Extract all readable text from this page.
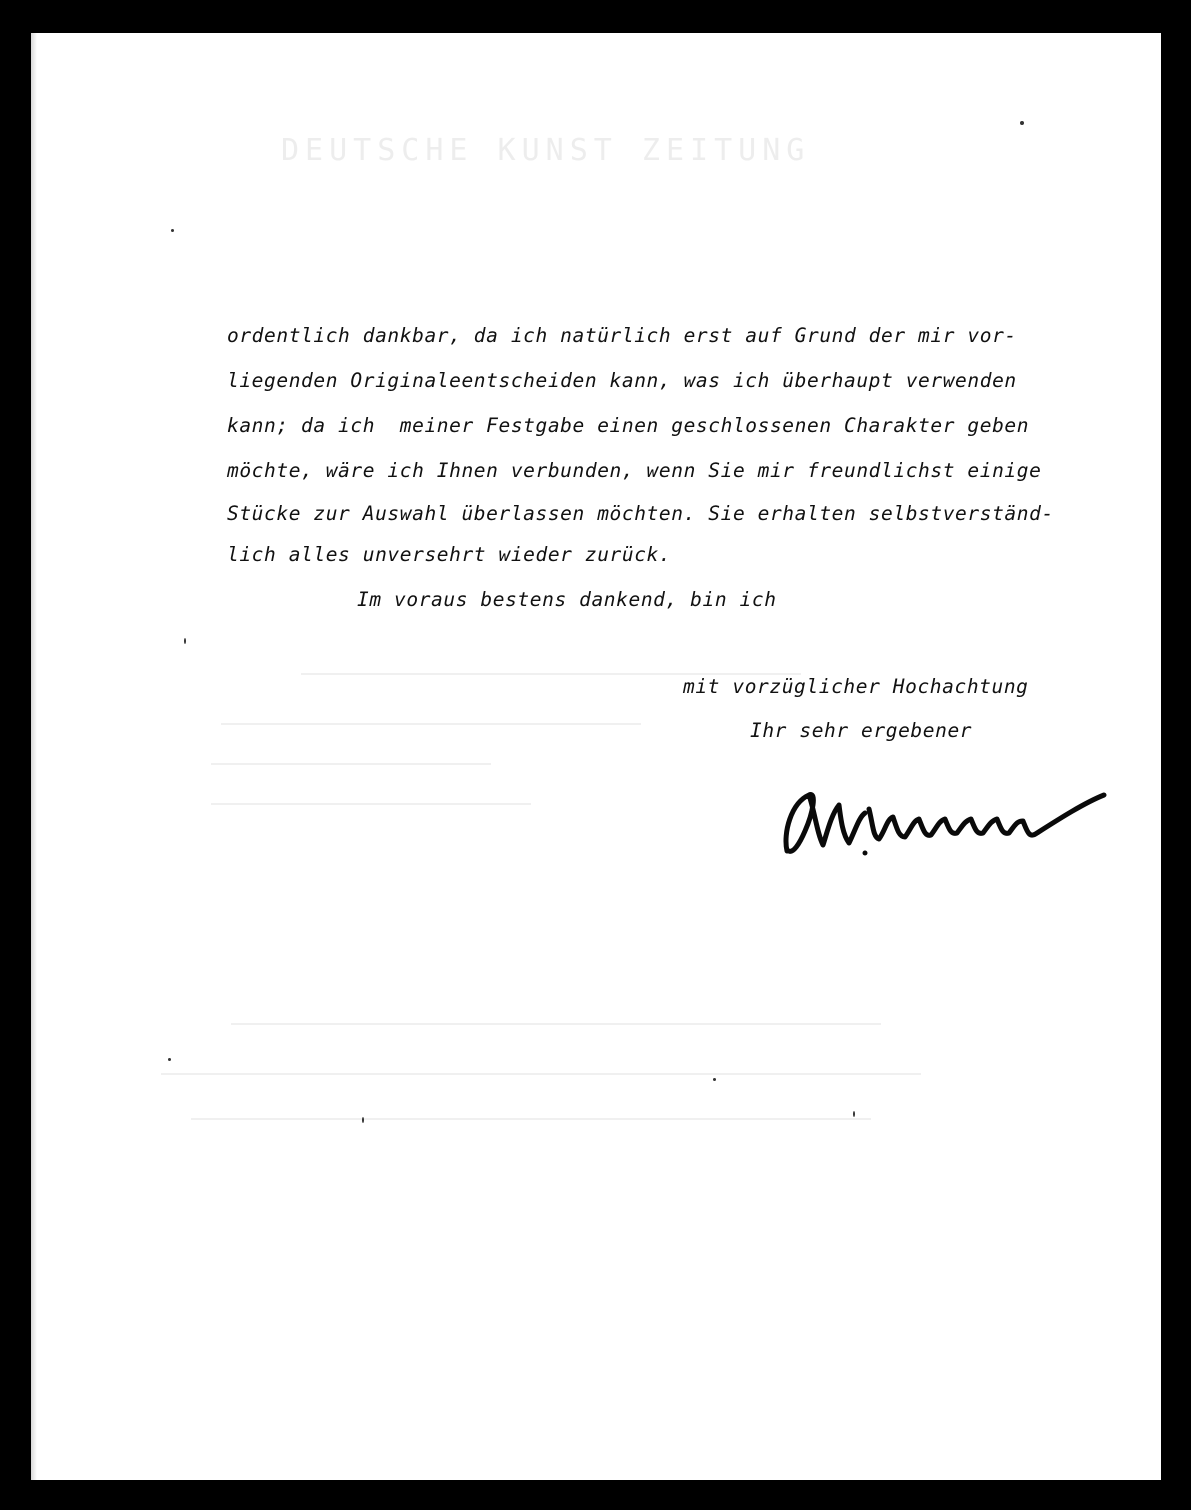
DEUTSCHE KUNST ZEITUNG
ordentlich dankbar, da ich natürlich erst auf Grund der mir vor-
liegenden Originaleentscheiden kann, was ich überhaupt verwenden
kann; da ich  meiner Festgabe einen geschlossenen Charakter geben
möchte, wäre ich Ihnen verbunden, wenn Sie mir freundlichst einige
Stücke zur Auswahl überlassen möchten. Sie erhalten selbstverständ-
lich alles unversehrt wieder zurück.
Im voraus bestens dankend, bin ich
mit vorzüglicher Hochachtung
Ihr sehr ergebener
